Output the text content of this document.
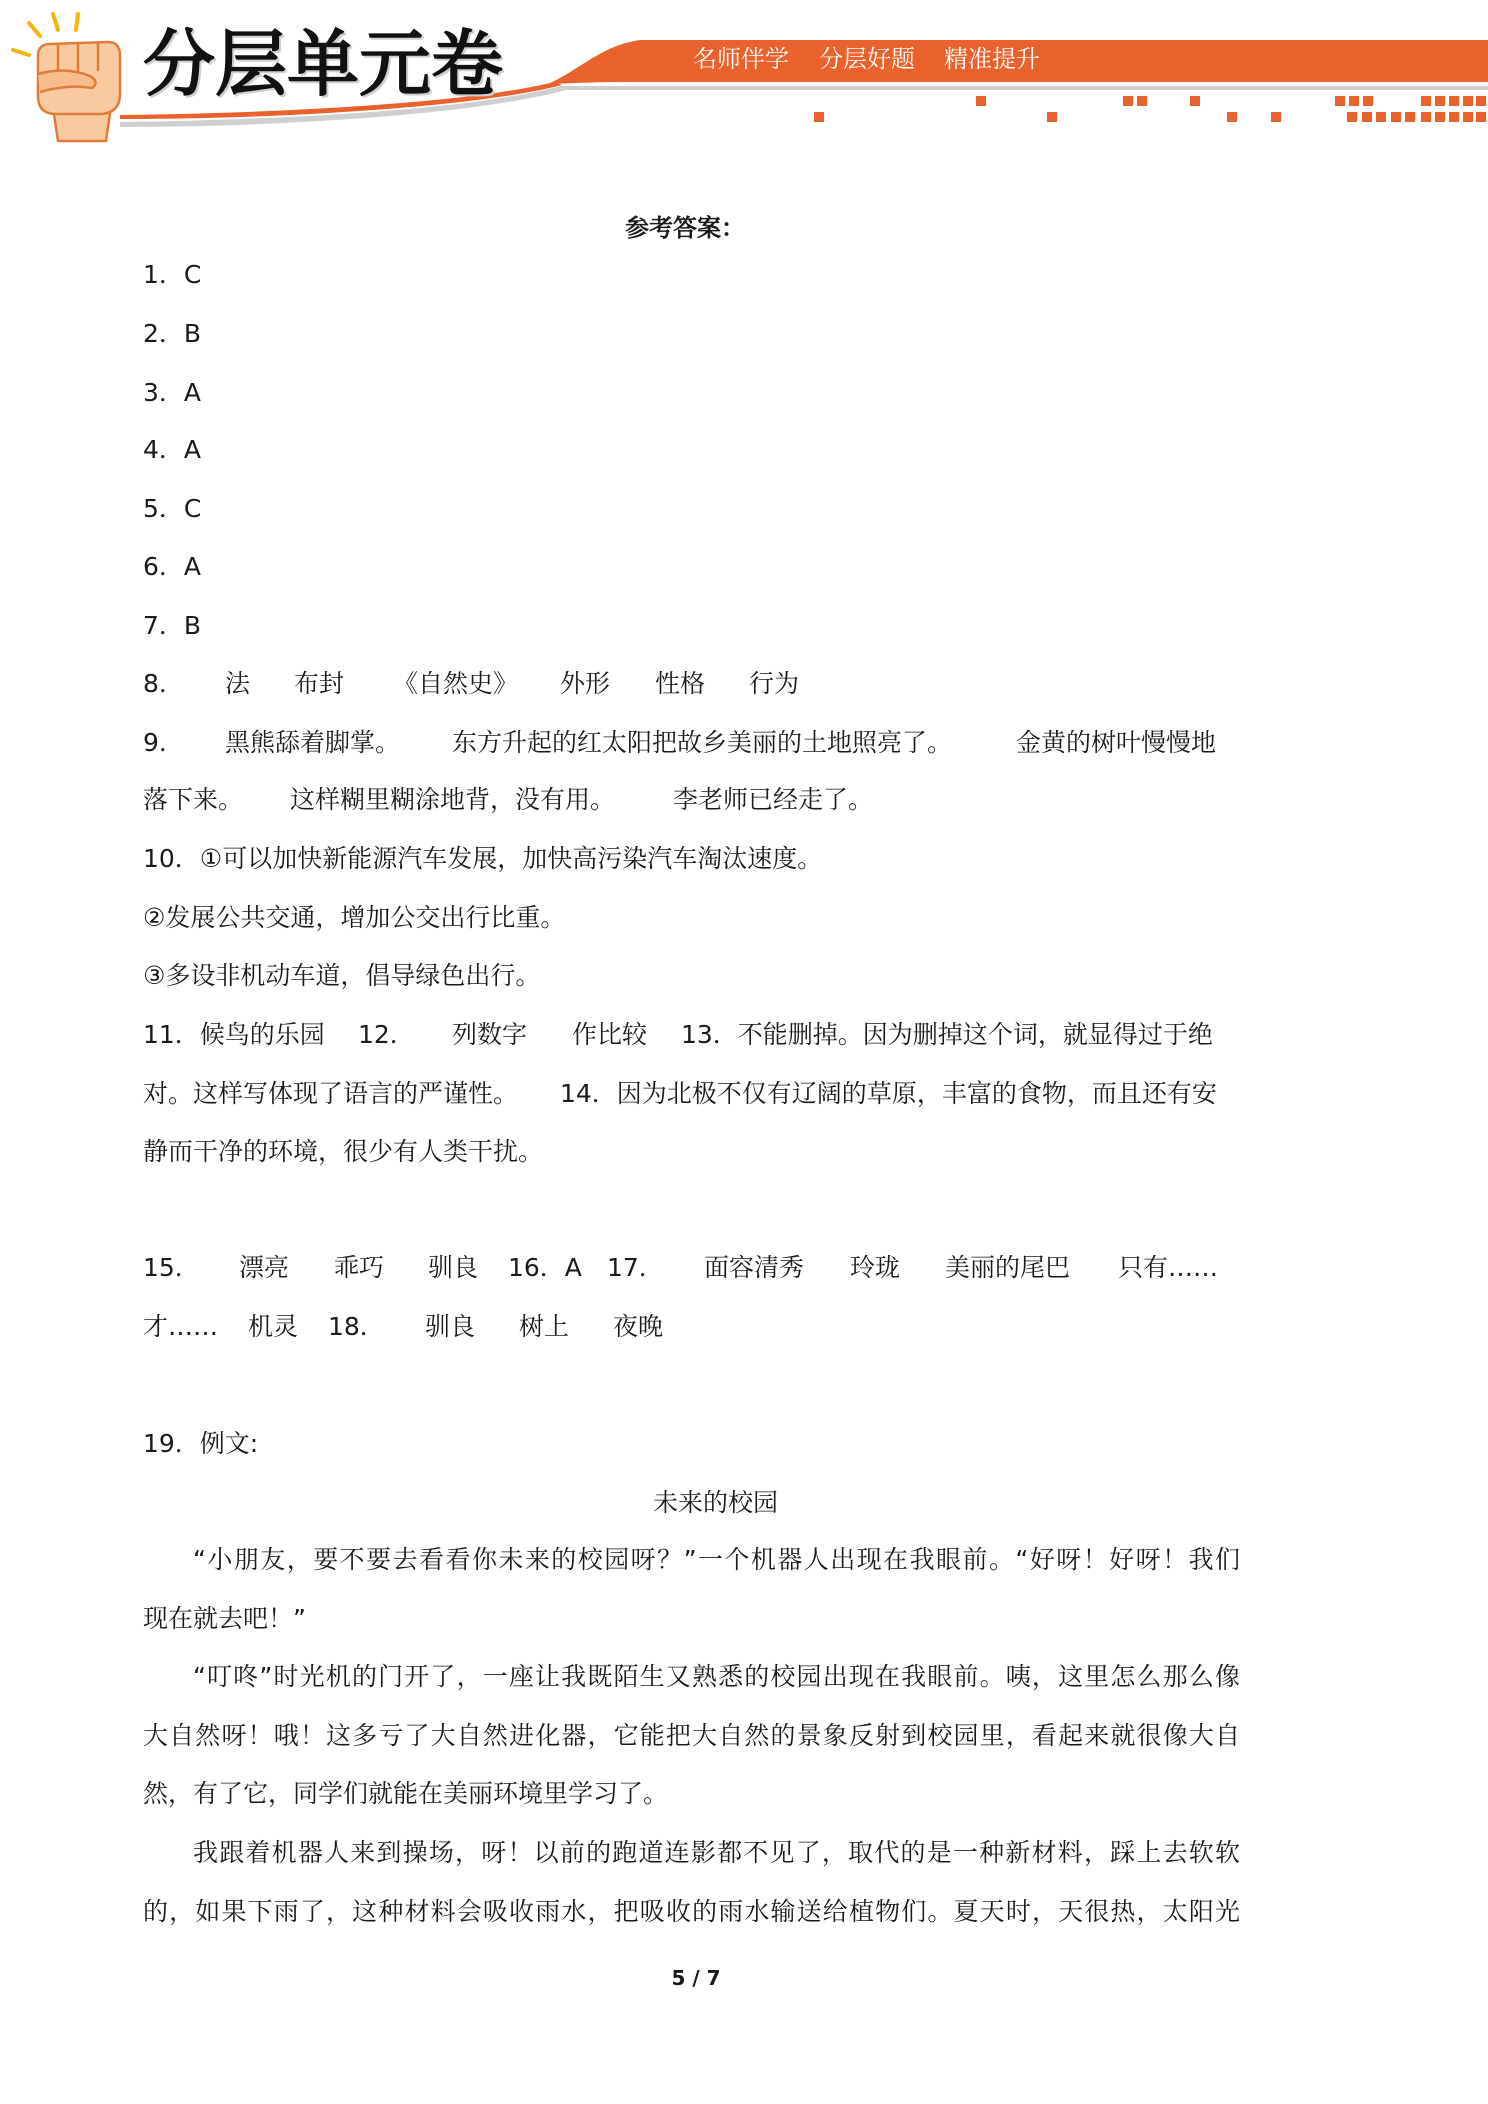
分层单元卷	名师伴学 分层好题 精准提升
参考答案：
1．C
2．B
3．A
4．A
5．C
6．A
7．B
8． 法 布封 《自然史》 外形 性格 行为
9． 黑熊舔着脚掌。 东方升起的红太阳把故乡美丽的土地照亮了。	金黄的树叶慢慢地
落下来。 这样糊里糊涂地背，没有用。 李老师已经走了。
10．①可以加快新能源汽车发展，加快高污染汽车淘汰速度。
②发展公共交通，增加公交出行比重。
③多设非机动车道，倡导绿色出行。
11．候鸟的乐园 12． 列数字 作比较 13．不能删掉。因为删掉这个词，就显得过于绝
对。这样写体现了语言的严谨性。 14．因为北极不仅有辽阔的草原，丰富的食物，而且还有安
静而干净的环境，很少有人类干扰。
15． 漂亮 乖巧 驯良 16．A 17． 面容清秀 玲珑 美丽的尾巴 只有……
才…… 机灵 18． 驯良 树上 夜晚
19．例文:
未来的校园
“小朋友，要不要去看看你未来的校园呀？”一个机器人出现在我眼前。“好呀！好呀！我们
现在就去吧！”
“叮咚”时光机的门开了，一座让我既陌生又熟悉的校园出现在我眼前。咦，这里怎么那么像
大自然呀！哦！这多亏了大自然进化器，它能把大自然的景象反射到校园里，看起来就很像大自
然，有了它，同学们就能在美丽环境里学习了。
我跟着机器人来到操场，呀！以前的跑道连影都不见了，取代的是一种新材料，踩上去软软
的，如果下雨了，这种材料会吸收雨水，把吸收的雨水输送给植物们。夏天时，天很热，太阳光
5 / 7
